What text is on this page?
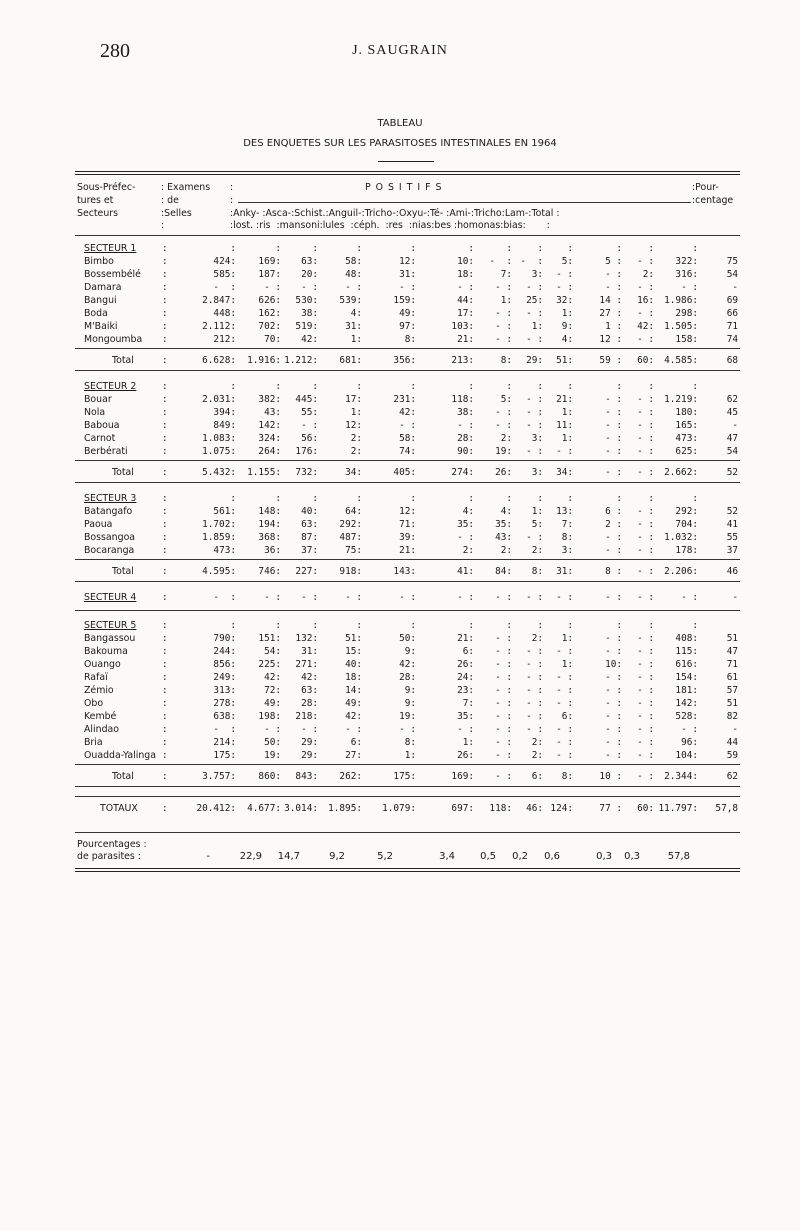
280	J. SAUGRAIN
TABLEAU
DES ENQUETES SUR LES PARASITOSES INTESTINALES EN 1964
Sous-Préfec-	: Examens :	P O S I T I F S	:Pour-
tures et	: de	:	:centage
Secteurs	:Selles	:Anky- :Asca-:Schist.:Anguil-:Tricho-:Oxyu-:Té- :Ami-:Tricho:Lam-:Total :
:	:lost. :ris  :mansoni:lules  :céph.  :res  :nias:bes :homonas:bias:       :
SECTEUR 1	:	:	:	:	:	:	:	:	:	:	:	:	:
Bimbo	:	424: 169: 63:	58:	12:	10: -  : -  : 5:	5 : - : 322:	75
Bossembélé :	585: 187: 20:	48:	31:	18:	7: 3: - :	- : 2: 316:	54
Damara	:	-  :	- : - :	- :	- :	- : - : - : - :	- : - :	- :	-
Bangui	:	2.847: 626: 530: 539:	159:	44:	1: 25: 32:	14 : 16: 1.986:	69
Boda	:	448: 162: 38:	4:	49:	17: - : - : 1:	27 : - : 298:	66
M'Baiki	:	2.112: 702: 519:	31:	97:	103: - : 1: 9:	1 : 42: 1.505:	71
Mongoumba :	212:	70: 42:	1:	8:	21: - : - : 4:	12 : - : 158:	74
Total	:	6.628: 1.916: 1.212: 681:	356:	213:	8: 29: 51:	59 : 60: 4.585:	68
SECTEUR 2	:	:	:	:	:	:	:	:	:	:	:	:	:
Bouar	:	2.031: 382: 445:	17:	231:	118:	5: - : 21:	- : - : 1.219:	62
Nola	:	394:	43: 55:	1:	42:	38: - : - : 1:	- : - : 180:	45
Baboua	:	849: 142: - :	12:	- :	- : - : - : 11:	- : - : 165:	-
Carnot	:	1.083: 324: 56:	2:	58:	28:	2: 3: 1:	- : - : 473:	47
Berbérati	:	1.075: 264: 176:	2:	74:	90: 19: - : - :	- : - : 625:	54
Total	:	5.432: 1.155: 732:	34:	405:	274: 26: 3: 34:	- : - : 2.662:	52
SECTEUR 3	:	:	:	:	:	:	:	:	:	:	:	:	:
Batangafo	:	561: 148: 40:	64:	12:	4:	4: 1: 13:	6 : - : 292:	52
Paoua	:	1.702: 194: 63: 292:	71:	35: 35: 5: 7:	2 : - : 704:	41
Bossangoa	:	1.859: 368: 87: 487:	39:	- : 43: - : 8:	- : - : 1.032:	55
Bocaranga	:	473:	36: 37:	75:	21:	2:	2: 2: 3:	- : - : 178:	37
Total	:	4.595: 746: 227: 918:	143:	41: 84: 8: 31:	8 : - : 2.206:	46
SECTEUR 4	:	-  :	- : - :	- :	- :	- : - : - : - :	- : - :	- :	-
SECTEUR 5	:	:	:	:	:	:	:	:	:	:	:	:	:
Bangassou	:	790: 151: 132:	51:	50:	21: - : 2: 1:	- : - : 408:	51
Bakouma	:	244:	54: 31:	15:	9:	6: - : - : - :	- : - : 115:	47
Ouango	:	856: 225: 271:	40:	42:	26: - : - : 1:	10: - : 616:	71
Rafaï	:	249:	42: 42:	18:	28:	24: - : - : - :	- : - : 154:	61
Zémio	:	313:	72: 63:	14:	9:	23: - : - : - :	- : - : 181:	57
Obo	:	278:	49: 28:	49:	9:	7: - : - : - :	- : - : 142:	51
Kembé	:	638: 198: 218:	42:	19:	35: - : - : 6:	- : - : 528:	82
Alindao	:	-  :	- : - :	- :	- :	- : - : - : - :	- : - :	- :	-
Bria	:	214:	50: 29:	6:	8:	1: - : 2: - :	- : - :	96:	44
Ouadda-Yalinga :	175:	19: 29:	27:	1:	26: - : 2: - :	- : - : 104:	59
Total	:	3.757: 860: 843: 262:	175:	169: - : 6: 8:	10 : - : 2.344:	62
TOTAUX	:	20.412: 4.677: 3.014: 1.895: 1.079:	697: 118: 46: 124:	77 : 60: 11.797: 57,8
Pourcentages :
de parasites :	-	22,9 14,7	9,2	5,2	3,4	0,5 0,2 0,6	0,3 0,3	57,8
